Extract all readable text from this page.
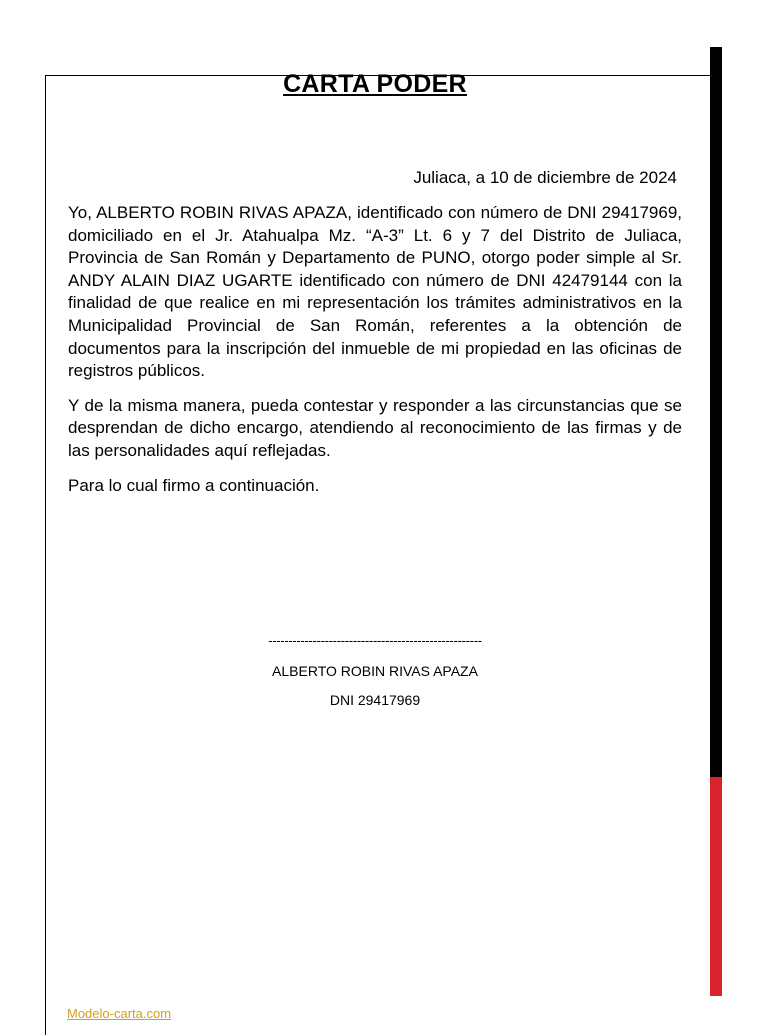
CARTA PODER

Juliaca, a 10 de diciembre de 2024

Yo, ALBERTO ROBIN RIVAS APAZA, identificado con número de DNI 29417969, domiciliado en el Jr. Atahualpa Mz. “A-3” Lt. 6 y 7 del Distrito de Juliaca, Provincia de San Román y Departamento de PUNO, otorgo poder simple al Sr. ANDY ALAIN DIAZ UGARTE identificado con número de DNI 42479144 con la finalidad de que realice en mi representación los trámites administrativos en la Municipalidad Provincial de San Román, referentes a la obtención de documentos para la inscripción del inmueble de mi propiedad en las oficinas de registros públicos.

Y de la misma manera, pueda contestar y responder a las circunstancias que se desprendan de dicho encargo, atendiendo al reconocimiento de las firmas y de las personalidades aquí reflejadas.

Para lo cual firmo a continuación.

-----------------------------------------------------

ALBERTO ROBIN RIVAS APAZA

DNI 29417969

Modelo-carta.com
